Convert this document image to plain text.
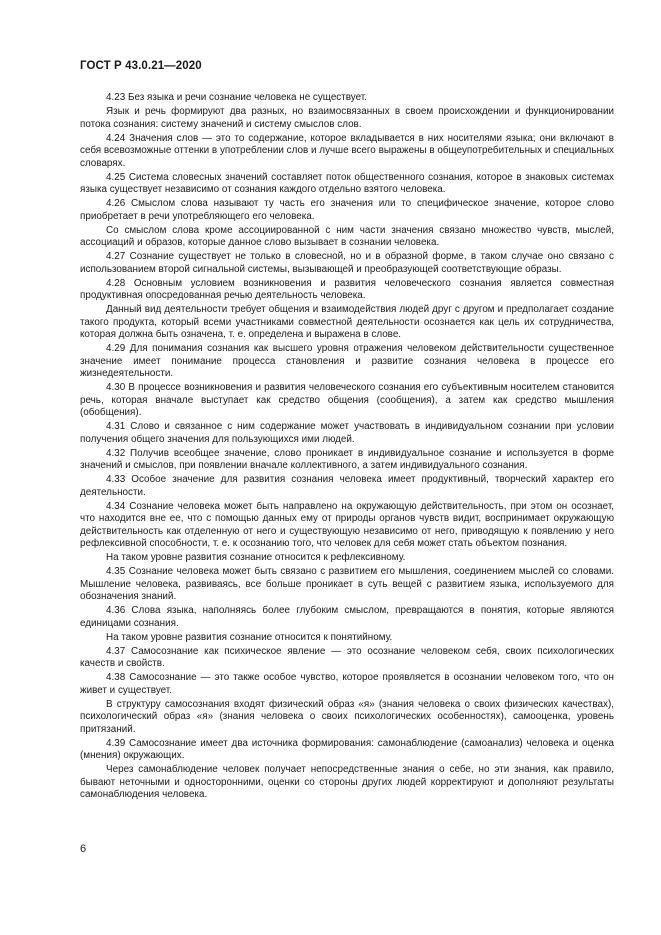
ГОСТ Р 43.0.21—2020

4.23 Без языка и речи сознание человека не существует.

Язык и речь формируют два разных, но взаимосвязанных в своем происхождении и функционировании потока сознания: систему значений и систему смыслов слов.

4.24 Значения слов — это то содержание, которое вкладывается в них носителями языка; они включают в себя всевозможные оттенки в употреблении слов и лучше всего выражены в общеупотребительных и специальных словарях.

4.25 Система словесных значений составляет поток общественного сознания, которое в знаковых системах языка существует независимо от сознания каждого отдельно взятого человека.

4.26 Смыслом слова называют ту часть его значения или то специфическое значение, которое слово приобретает в речи употребляющего его человека.

Со смыслом слова кроме ассоциированной с ним части значения связано множество чувств, мыслей, ассоциаций и образов, которые данное слово вызывает в сознании человека.

4.27 Сознание существует не только в словесной, но и в образной форме, в таком случае оно связано с использованием второй сигнальной системы, вызывающей и преобразующей соответствующие образы.

4.28 Основным условием возникновения и развития человеческого сознания является совместная продуктивная опосредованная речью деятельность человека.

Данный вид деятельности требует общения и взаимодействия людей друг с другом и предполагает создание такого продукта, который всеми участниками совместной деятельности осознается как цель их сотрудничества, которая должна быть означена, т. е. определена и выражена в слове.

4.29 Для понимания сознания как высшего уровня отражения человеком действительности существенное значение имеет понимание процесса становления и развитие сознания человека в процессе его жизнедеятельности.

4.30 В процессе возникновения и развития человеческого сознания его субъективным носителем становится речь, которая вначале выступает как средство общения (сообщения), а затем как средство мышления (обобщения).

4.31 Слово и связанное с ним содержание может участвовать в индивидуальном сознании при условии получения общего значения для пользующихся ими людей.

4.32 Получив всеобщее значение, слово проникает в индивидуальное сознание и используется в форме значений и смыслов, при появлении вначале коллективного, а затем индивидуального сознания.

4.33 Особое значение для развития сознания человека имеет продуктивный, творческий характер его деятельности.

4.34 Сознание человека может быть направлено на окружающую действительность, при этом он осознает, что находится вне ее, что с помощью данных ему от природы органов чувств видит, воспринимает окружающую действительность как отделенную от него и существующую независимо от него, приводящую к появлению у него рефлексивной способности, т. е. к осознанию того, что человек для себя может стать объектом познания.

На таком уровне развития сознание относится к рефлексивному.

4.35 Сознание человека может быть связано с развитием его мышления, соединением мыслей со словами. Мышление человека, развиваясь, все больше проникает в суть вещей с развитием языка, используемого для обозначения знаний.

4.36 Слова языка, наполняясь более глубоким смыслом, превращаются в понятия, которые являются единицами сознания.

На таком уровне развития сознание относится к понятийному.

4.37 Самосознание как психическое явление — это осознание человеком себя, своих психологических качеств и свойств.

4.38 Самосознание — это также особое чувство, которое проявляется в осознании человеком того, что он живет и существует.

В структуру самосознания входят физический образ «я» (знания человека о своих физических качествах), психологический образ «я» (знания человека о своих психологических особенностях), самооценка, уровень притязаний.

4.39 Самосознание имеет два источника формирования: самонаблюдение (самоанализ) человека и оценка (мнения) окружающих.

Через самонаблюдение человек получает непосредственные знания о себе, но эти знания, как правило, бывают неточными и односторонними, оценки со стороны других людей корректируют и дополняют результаты самонаблюдения человека.

6
